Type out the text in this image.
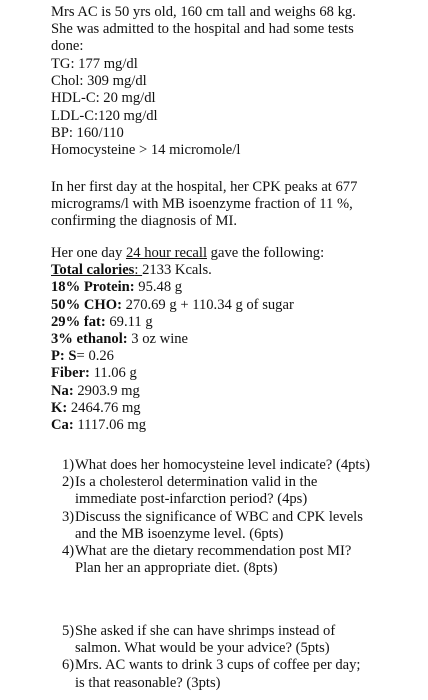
Mrs AC is 50 yrs old, 160 cm tall and weighs 68 kg.
She was admitted to the hospital and had some tests
done:
TG: 177 mg/dl
Chol: 309 mg/dl
HDL-C: 20 mg/dl
LDL-C:120 mg/dl
BP: 160/110
Homocysteine > 14 micromole/l
In her first day at the hospital, her CPK peaks at 677
micrograms/l with MB isoenzyme fraction of 11 %,
confirming the diagnosis of MI.
Her one day 24 hour recall gave the following:
Total calories: 2133 Kcals.
18% Protein: 95.48 g
50% CHO: 270.69 g + 110.34 g of sugar
29% fat: 69.11 g
3% ethanol: 3 oz wine
P: S= 0.26
Fiber: 11.06 g
Na: 2903.9 mg
K: 2464.76 mg
Ca: 1117.06 mg
1) What does her homocysteine level indicate? (4pts)
2) Is a cholesterol determination valid in the
immediate post-infarction period? (4ps)
3) Discuss the significance of WBC and CPK levels
and the MB isoenzyme level. (6pts)
4) What are the dietary recommendation post MI?
Plan her an appropriate diet. (8pts)
5) She asked if she can have shrimps instead of
salmon. What would be your advice? (5pts)
6) Mrs. AC wants to drink 3 cups of coffee per day;
is that reasonable? (3pts)
